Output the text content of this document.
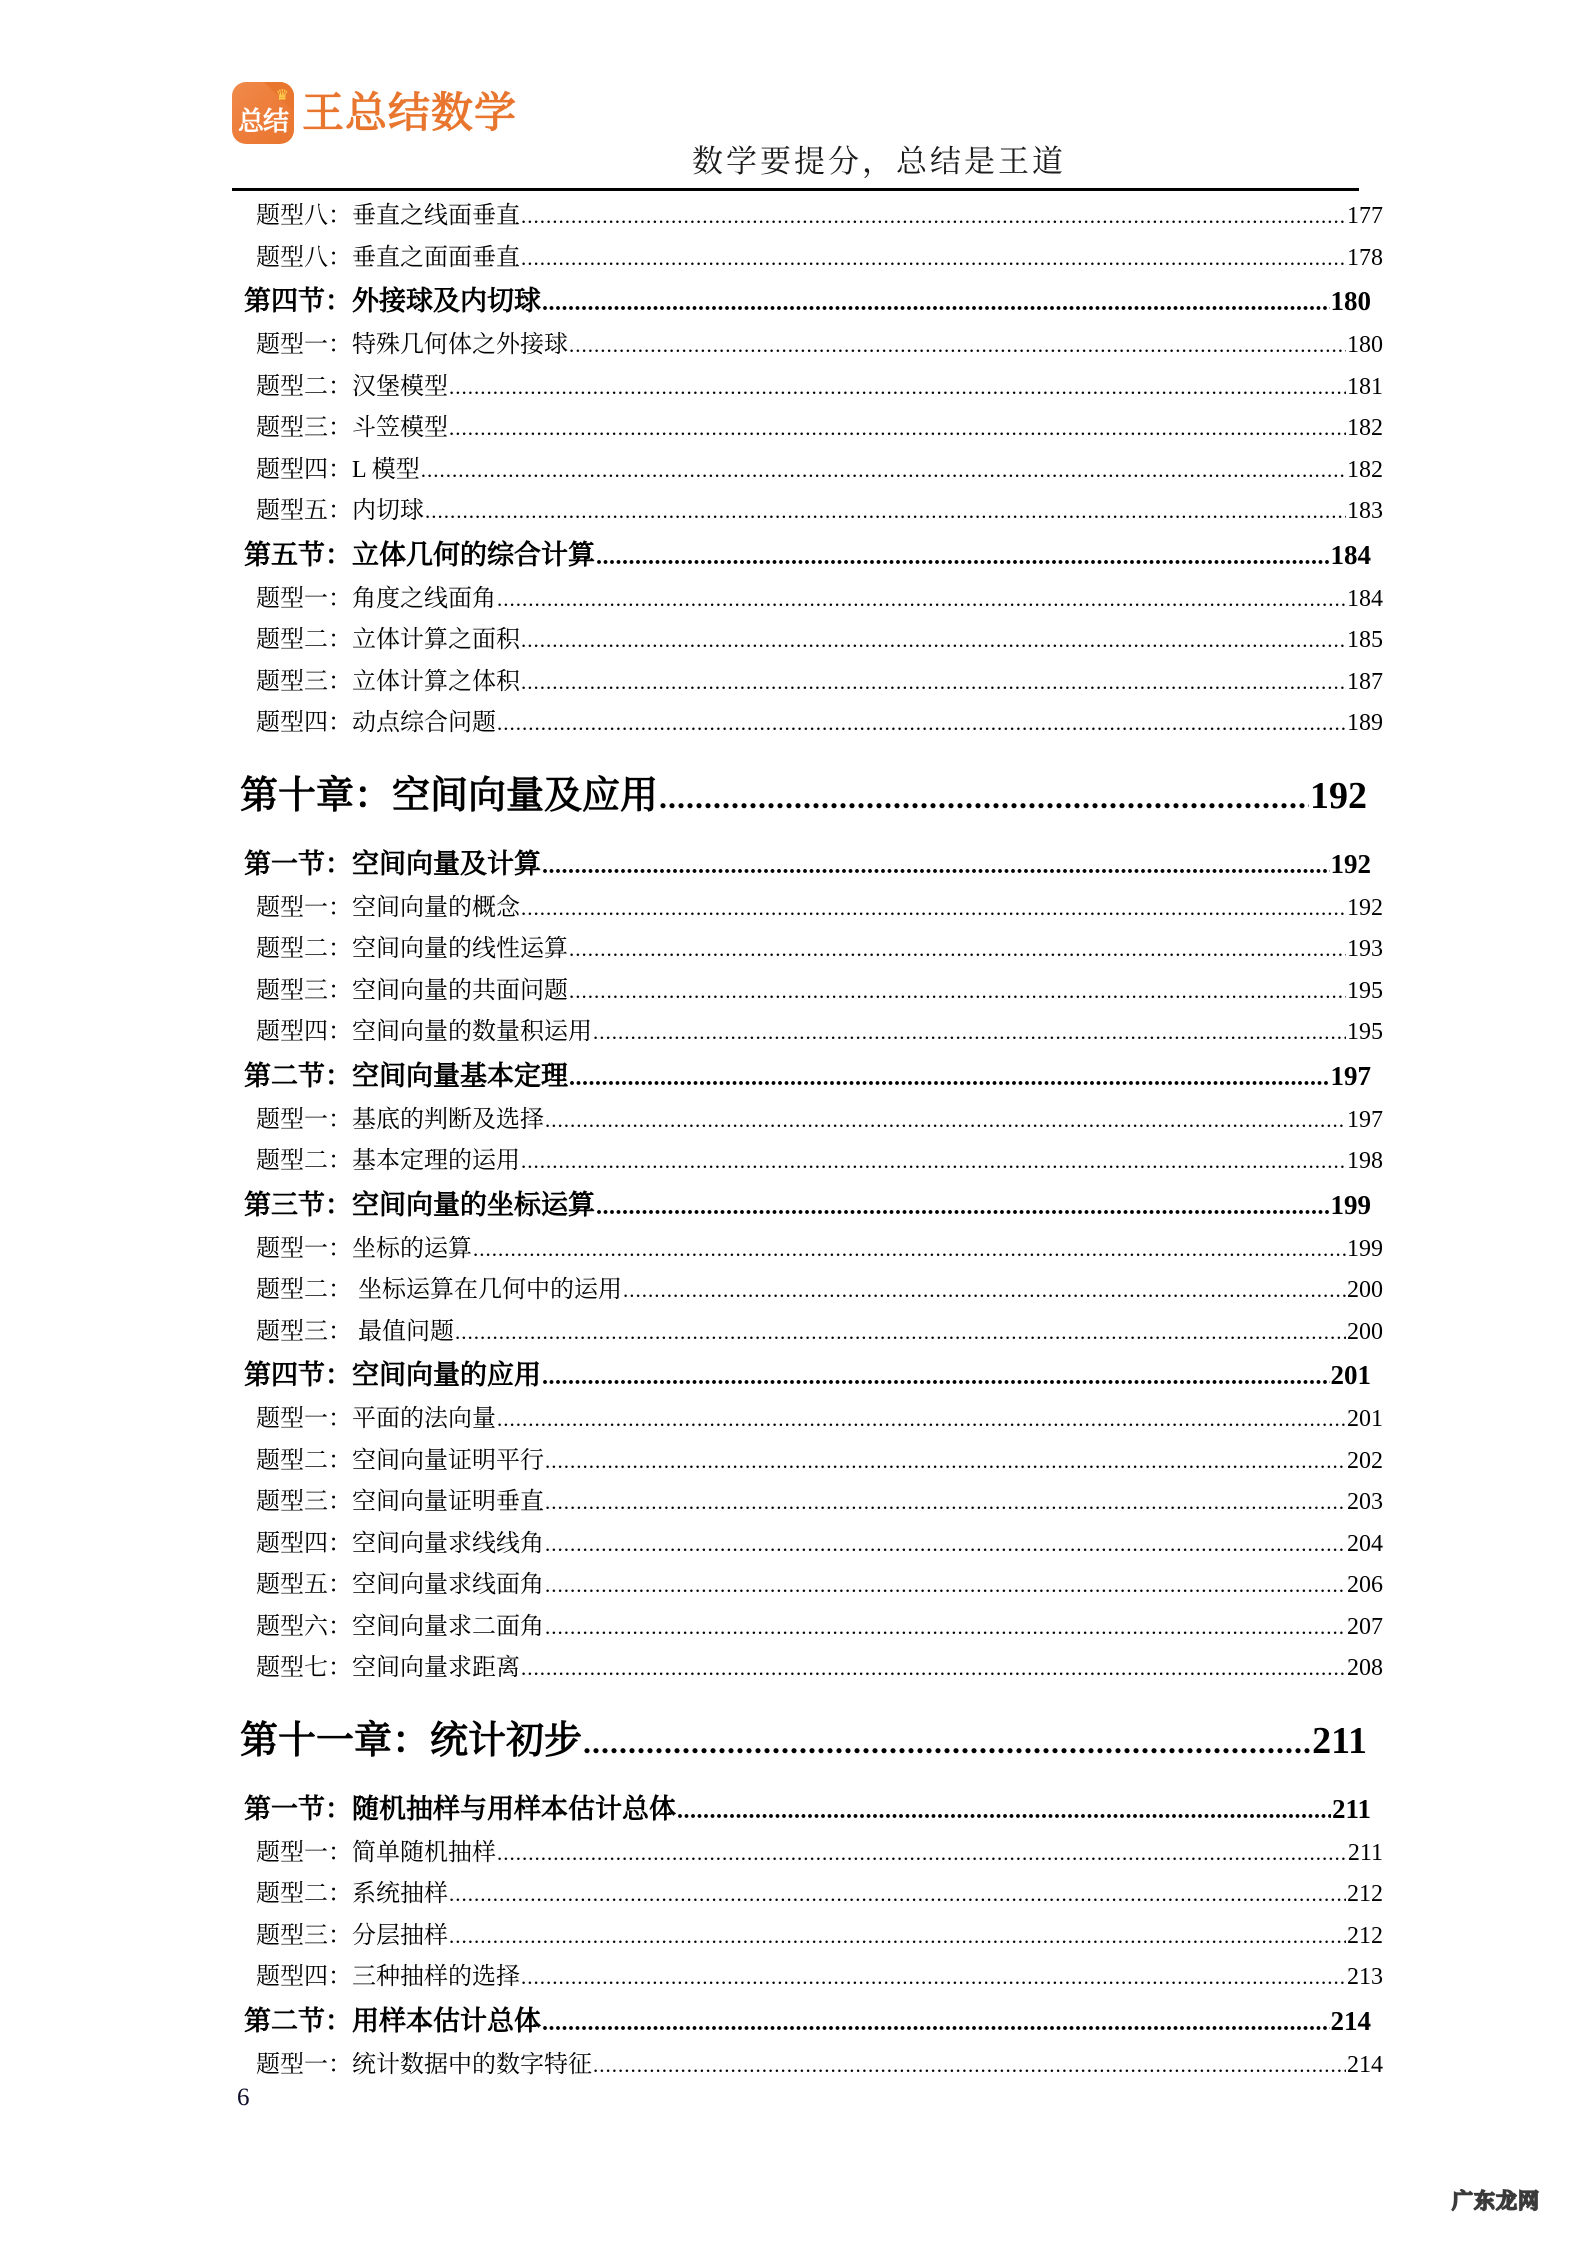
♛
总结 王总结数学
数学要提分，总结是王道
题型八：垂直之线面垂直 .....	177
题型八：垂直之面面垂直 .....	178
第四节：外接球及内切球 .....	180
题型一：特殊几何体之外接球 .....	180
题型二：汉堡模型 .....	181
题型三：斗笠模型 .....	182
题型四：L 模型 .....	182
题型五：内切球 .....	183
第五节：立体几何的综合计算 .....	184
题型一：角度之线面角 .....	184
题型二：立体计算之面积 .....	185
题型三：立体计算之体积 .....	187
题型四：动点综合问题 .....	189
第十章：空间向量及应用 .....	192
第一节：空间向量及计算 .....	192
题型一：空间向量的概念 .....	192
题型二：空间向量的线性运算 .....	193
题型三：空间向量的共面问题 .....	195
题型四：空间向量的数量积运用 .....	195
第二节：空间向量基本定理 .....	197
题型一：基底的判断及选择 .....	197
题型二：基本定理的运用 .....	198
第三节：空间向量的坐标运算 .....	199
题型一：坐标的运算 .....	199
题型二： 坐标运算在几何中的运用 .....	200
题型三： 最值问题 .....	200
第四节：空间向量的应用 .....	201
题型一：平面的法向量 .....	201
题型二：空间向量证明平行 .....	202
题型三：空间向量证明垂直 .....	203
题型四：空间向量求线线角 .....	204
题型五：空间向量求线面角 .....	206
题型六：空间向量求二面角 .....	207
题型七：空间向量求距离 .....	208
第十一章：统计初步 .....	211
第一节：随机抽样与用样本估计总体 .....	211
题型一：简单随机抽样 .....	211
题型二：系统抽样 .....	212
题型三：分层抽样 .....	212
题型四：三种抽样的选择 .....	213
第二节：用样本估计总体 .....	214
题型一：统计数据中的数字特征 .....	214
6
广东龙网
